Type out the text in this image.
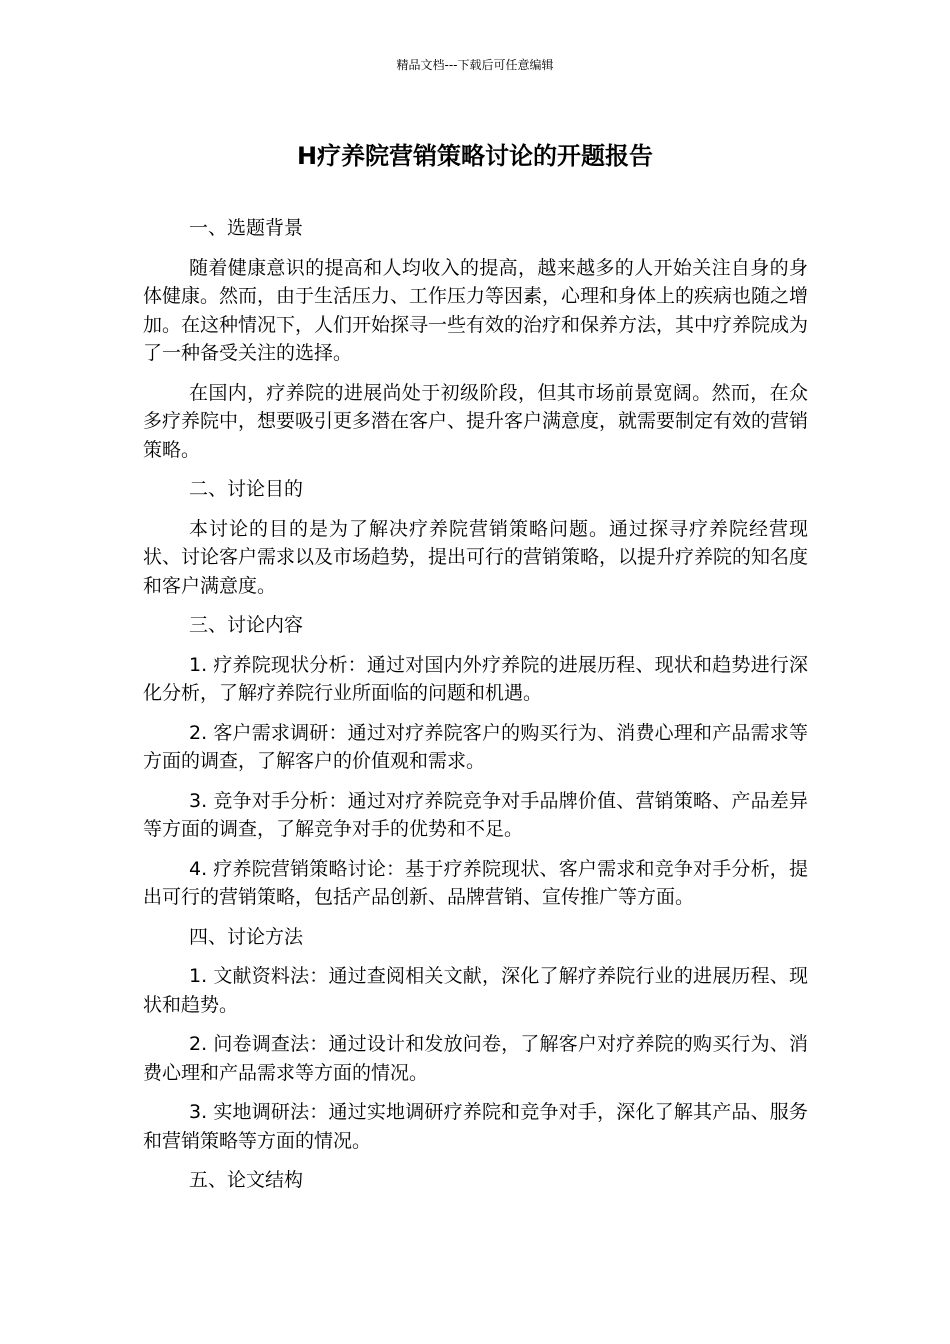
精品文档---下载后可任意编辑
H疗养院营销策略讨论的开题报告

一、选题背景

随着健康意识的提高和人均收入的提高，越来越多的人开始关注自身的身体健康。然而，由于生活压力、工作压力等因素，心理和身体上的疾病也随之增加。在这种情况下，人们开始探寻一些有效的治疗和保养方法，其中疗养院成为了一种备受关注的选择。

在国内，疗养院的进展尚处于初级阶段，但其市场前景宽阔。然而，在众多疗养院中，想要吸引更多潜在客户、提升客户满意度，就需要制定有效的营销策略。

二、讨论目的

本讨论的目的是为了解决疗养院营销策略问题。通过探寻疗养院经营现状、讨论客户需求以及市场趋势，提出可行的营销策略，以提升疗养院的知名度和客户满意度。

三、讨论内容

1. 疗养院现状分析：通过对国内外疗养院的进展历程、现状和趋势进行深化分析，了解疗养院行业所面临的问题和机遇。

2. 客户需求调研：通过对疗养院客户的购买行为、消费心理和产品需求等方面的调查，了解客户的价值观和需求。

3. 竞争对手分析：通过对疗养院竞争对手品牌价值、营销策略、产品差异等方面的调查，了解竞争对手的优势和不足。

4. 疗养院营销策略讨论：基于疗养院现状、客户需求和竞争对手分析，提出可行的营销策略，包括产品创新、品牌营销、宣传推广等方面。

四、讨论方法

1. 文献资料法：通过查阅相关文献，深化了解疗养院行业的进展历程、现状和趋势。

2. 问卷调查法：通过设计和发放问卷，了解客户对疗养院的购买行为、消费心理和产品需求等方面的情况。

3. 实地调研法：通过实地调研疗养院和竞争对手，深化了解其产品、服务和营销策略等方面的情况。

五、论文结构
